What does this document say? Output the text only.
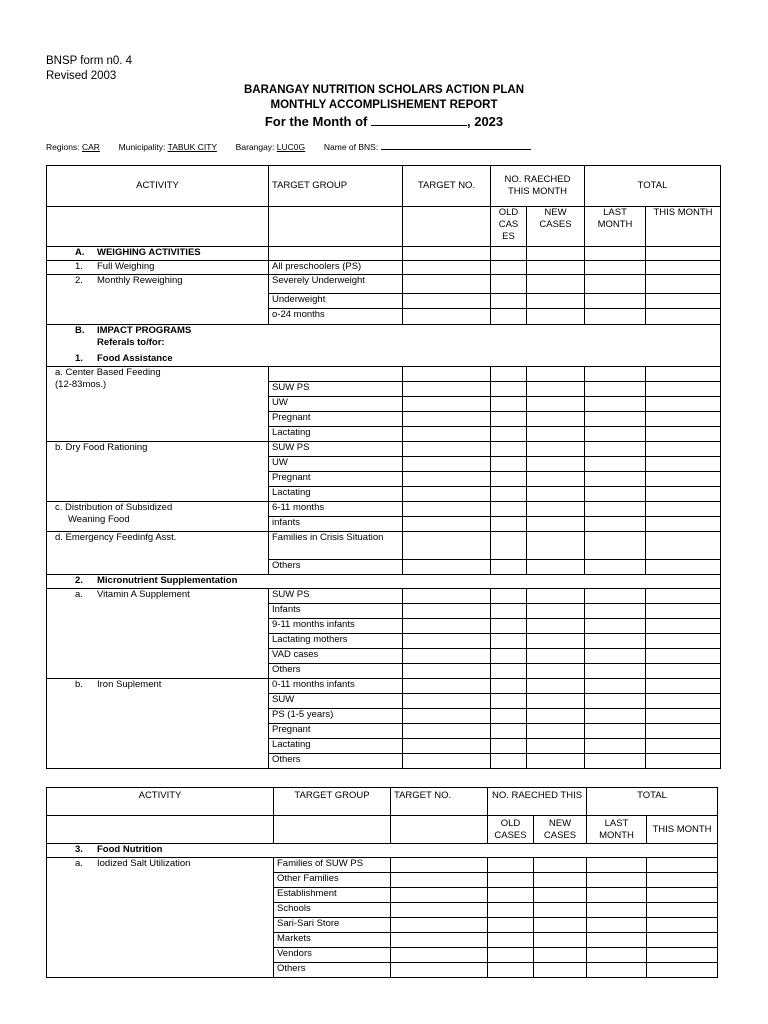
BNSP form n0. 4
Revised 2003
BARANGAY NUTRITION SCHOLARS ACTION PLAN
MONTHLY ACCOMPLISHEMENT REPORT
For the Month of	, 2023
Regions: CAR Municipality: TABUK CITY Barangay: LUC0G Name of BNS:
ACTIVITY	TARGET GROUP	TARGET NO.	NO. RAECHED THIS MONTH		TOTAL	
			OLD CAS ES	NEW CASES	LAST MONTH	THIS MONTH
A. WEIGHING ACTIVITIES						
1. Full Weighing	All preschoolers (PS)					
2. Monthly Reweighing	Severely Underweight					
	Underweight					
	o-24 months					
B. IMPACT PROGRAMS
Referals to/for:						
1. Food Assistance						
a. Center Based Feeding
(12-83mos.)						
	SUW PS					
	UW					
	Pregnant					
	Lactating					
b. Dry Food Rationing	SUW PS					
	UW					
	Pregnant					
	Lactating					
c. Distribution of Subsidized
Weaning Food	6-11 months					
	infants					
d. Emergency Feedinfg Asst.	Families in Crisis Situation					
	Others					
2. Micronutrient Supplementation						
a. Vitamin A Supplement	SUW PS					
	Infants					
	9-11 months infants					
	Lactating mothers					
	VAD cases					
	Others					
b. Iron Suplement	0-11 months infants					
	SUW					
	PS (1-5 years)					
	Pregnant					
	Lactating					
	Others					
ACTIVITY	TARGET GROUP	TARGET NO.	NO. RAECHED THIS		TOTAL	
			OLD CASES	NEW CASES	LAST MONTH	THIS MONTH
3. Food Nutrition						
a. Iodized Salt Utilization	Families of SUW PS					
	Other Families					
	Establishment					
	Schools					
	Sari-Sari Store					
	Markets					
	Vendors					
	Others					
